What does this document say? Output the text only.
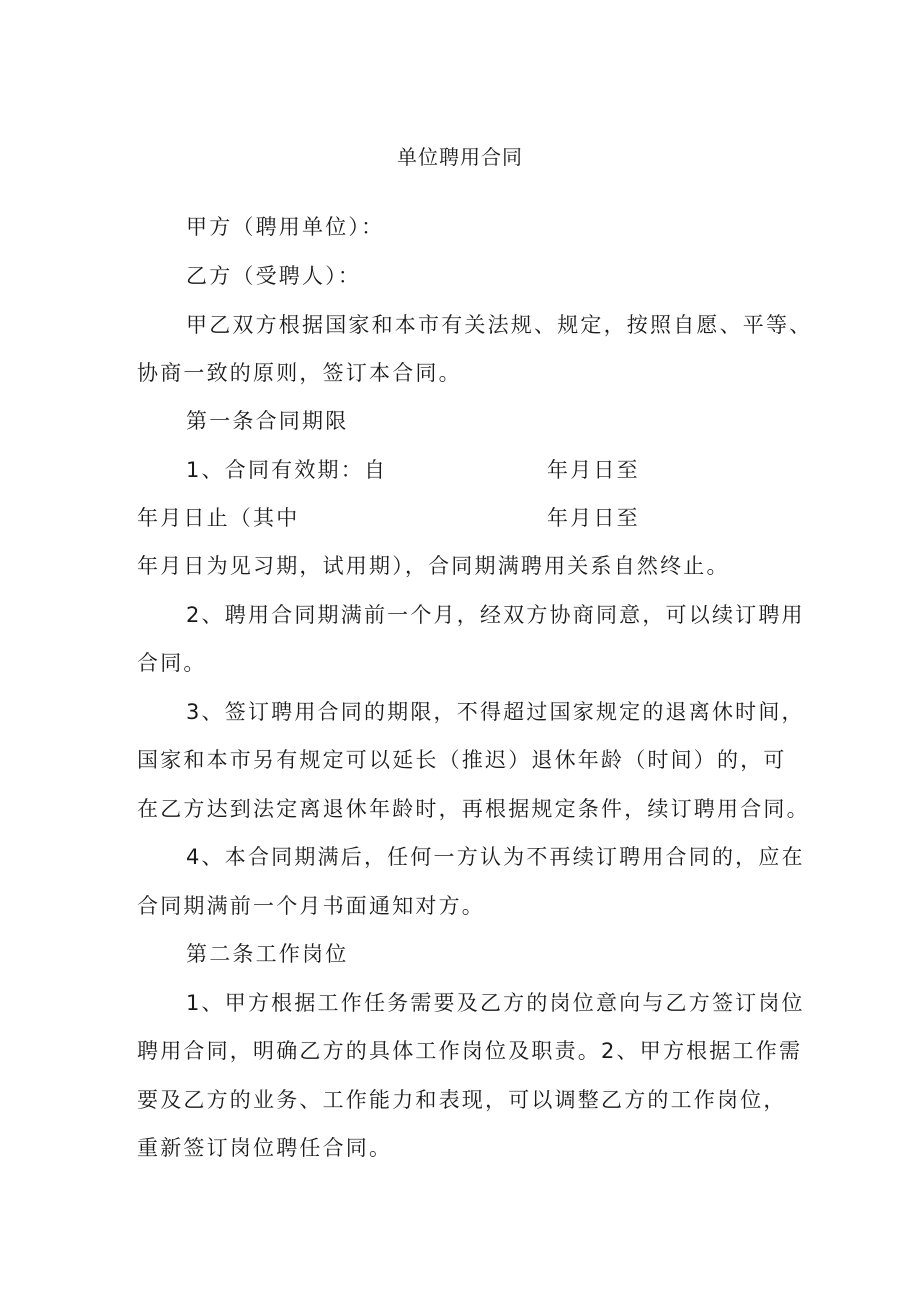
单位聘用合同
甲方（聘用单位）：
乙方（受聘人）：
甲乙双方根据国家和本市有关法规、规定，按照自愿、平等、
协商一致的原则，签订本合同。
第一条合同期限
1、合同有效期：自	年月日至
年月日止（其中	年月日至
年月日为见习期，试用期），合同期满聘用关系自然终止。
2、聘用合同期满前一个月，经双方协商同意，可以续订聘用
合同。
3、签订聘用合同的期限，不得超过国家规定的退离休时间，
国家和本市另有规定可以延长（推迟）退休年龄（时间）的，可
在乙方达到法定离退休年龄时，再根据规定条件，续订聘用合同。
4、本合同期满后，任何一方认为不再续订聘用合同的，应在
合同期满前一个月书面通知对方。
第二条工作岗位
1、甲方根据工作任务需要及乙方的岗位意向与乙方签订岗位
聘用合同，明确乙方的具体工作岗位及职责。2、甲方根据工作需
要及乙方的业务、工作能力和表现，可以调整乙方的工作岗位，
重新签订岗位聘任合同。
